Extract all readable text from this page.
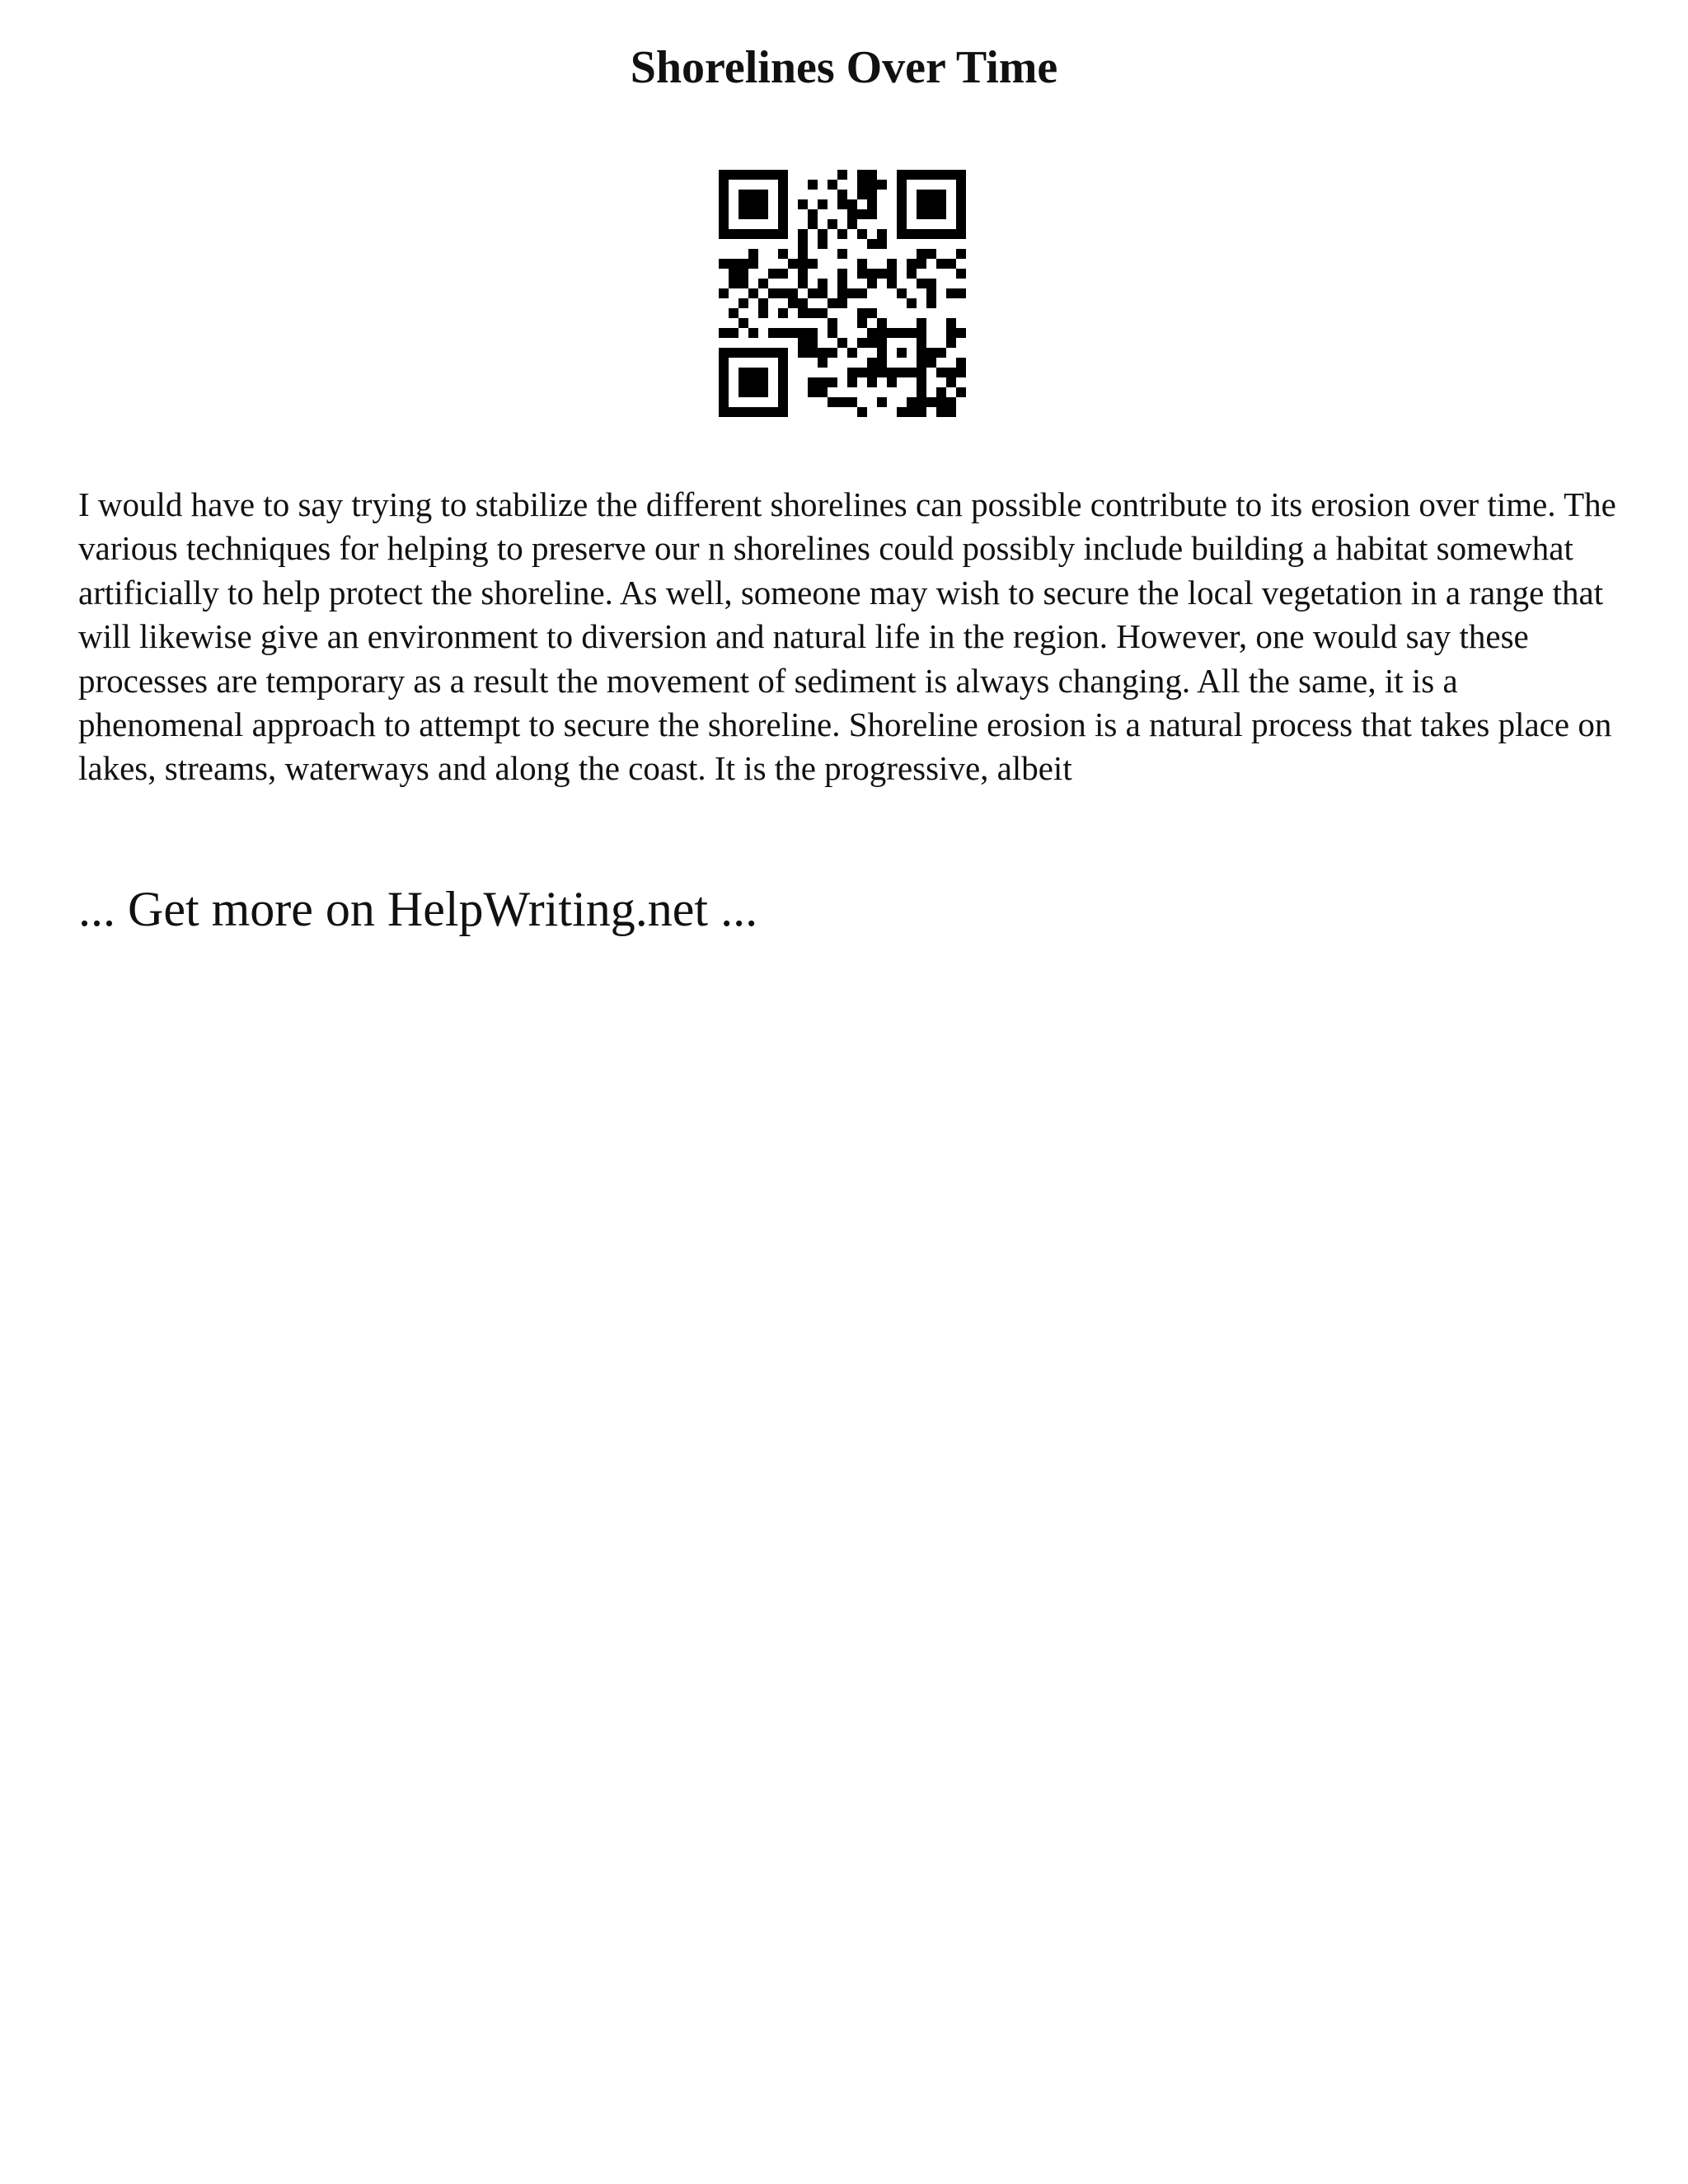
Shorelines Over Time

I would have to say trying to stabilize the different shorelines can possible contribute to its erosion over time. The various techniques for helping to preserve our n shorelines could possibly include building a habitat somewhat artificially to help protect the shoreline. As well, someone may wish to secure the local vegetation in a range that will likewise give an environment to diversion and natural life in the region. However, one would say these processes are temporary as a result the movement of sediment is always changing. All the same, it is a phenomenal approach to attempt to secure the shoreline. Shoreline erosion is a natural process that takes place on lakes, streams, waterways and along the coast. It is the progressive, albeit

... Get more on HelpWriting.net ...
